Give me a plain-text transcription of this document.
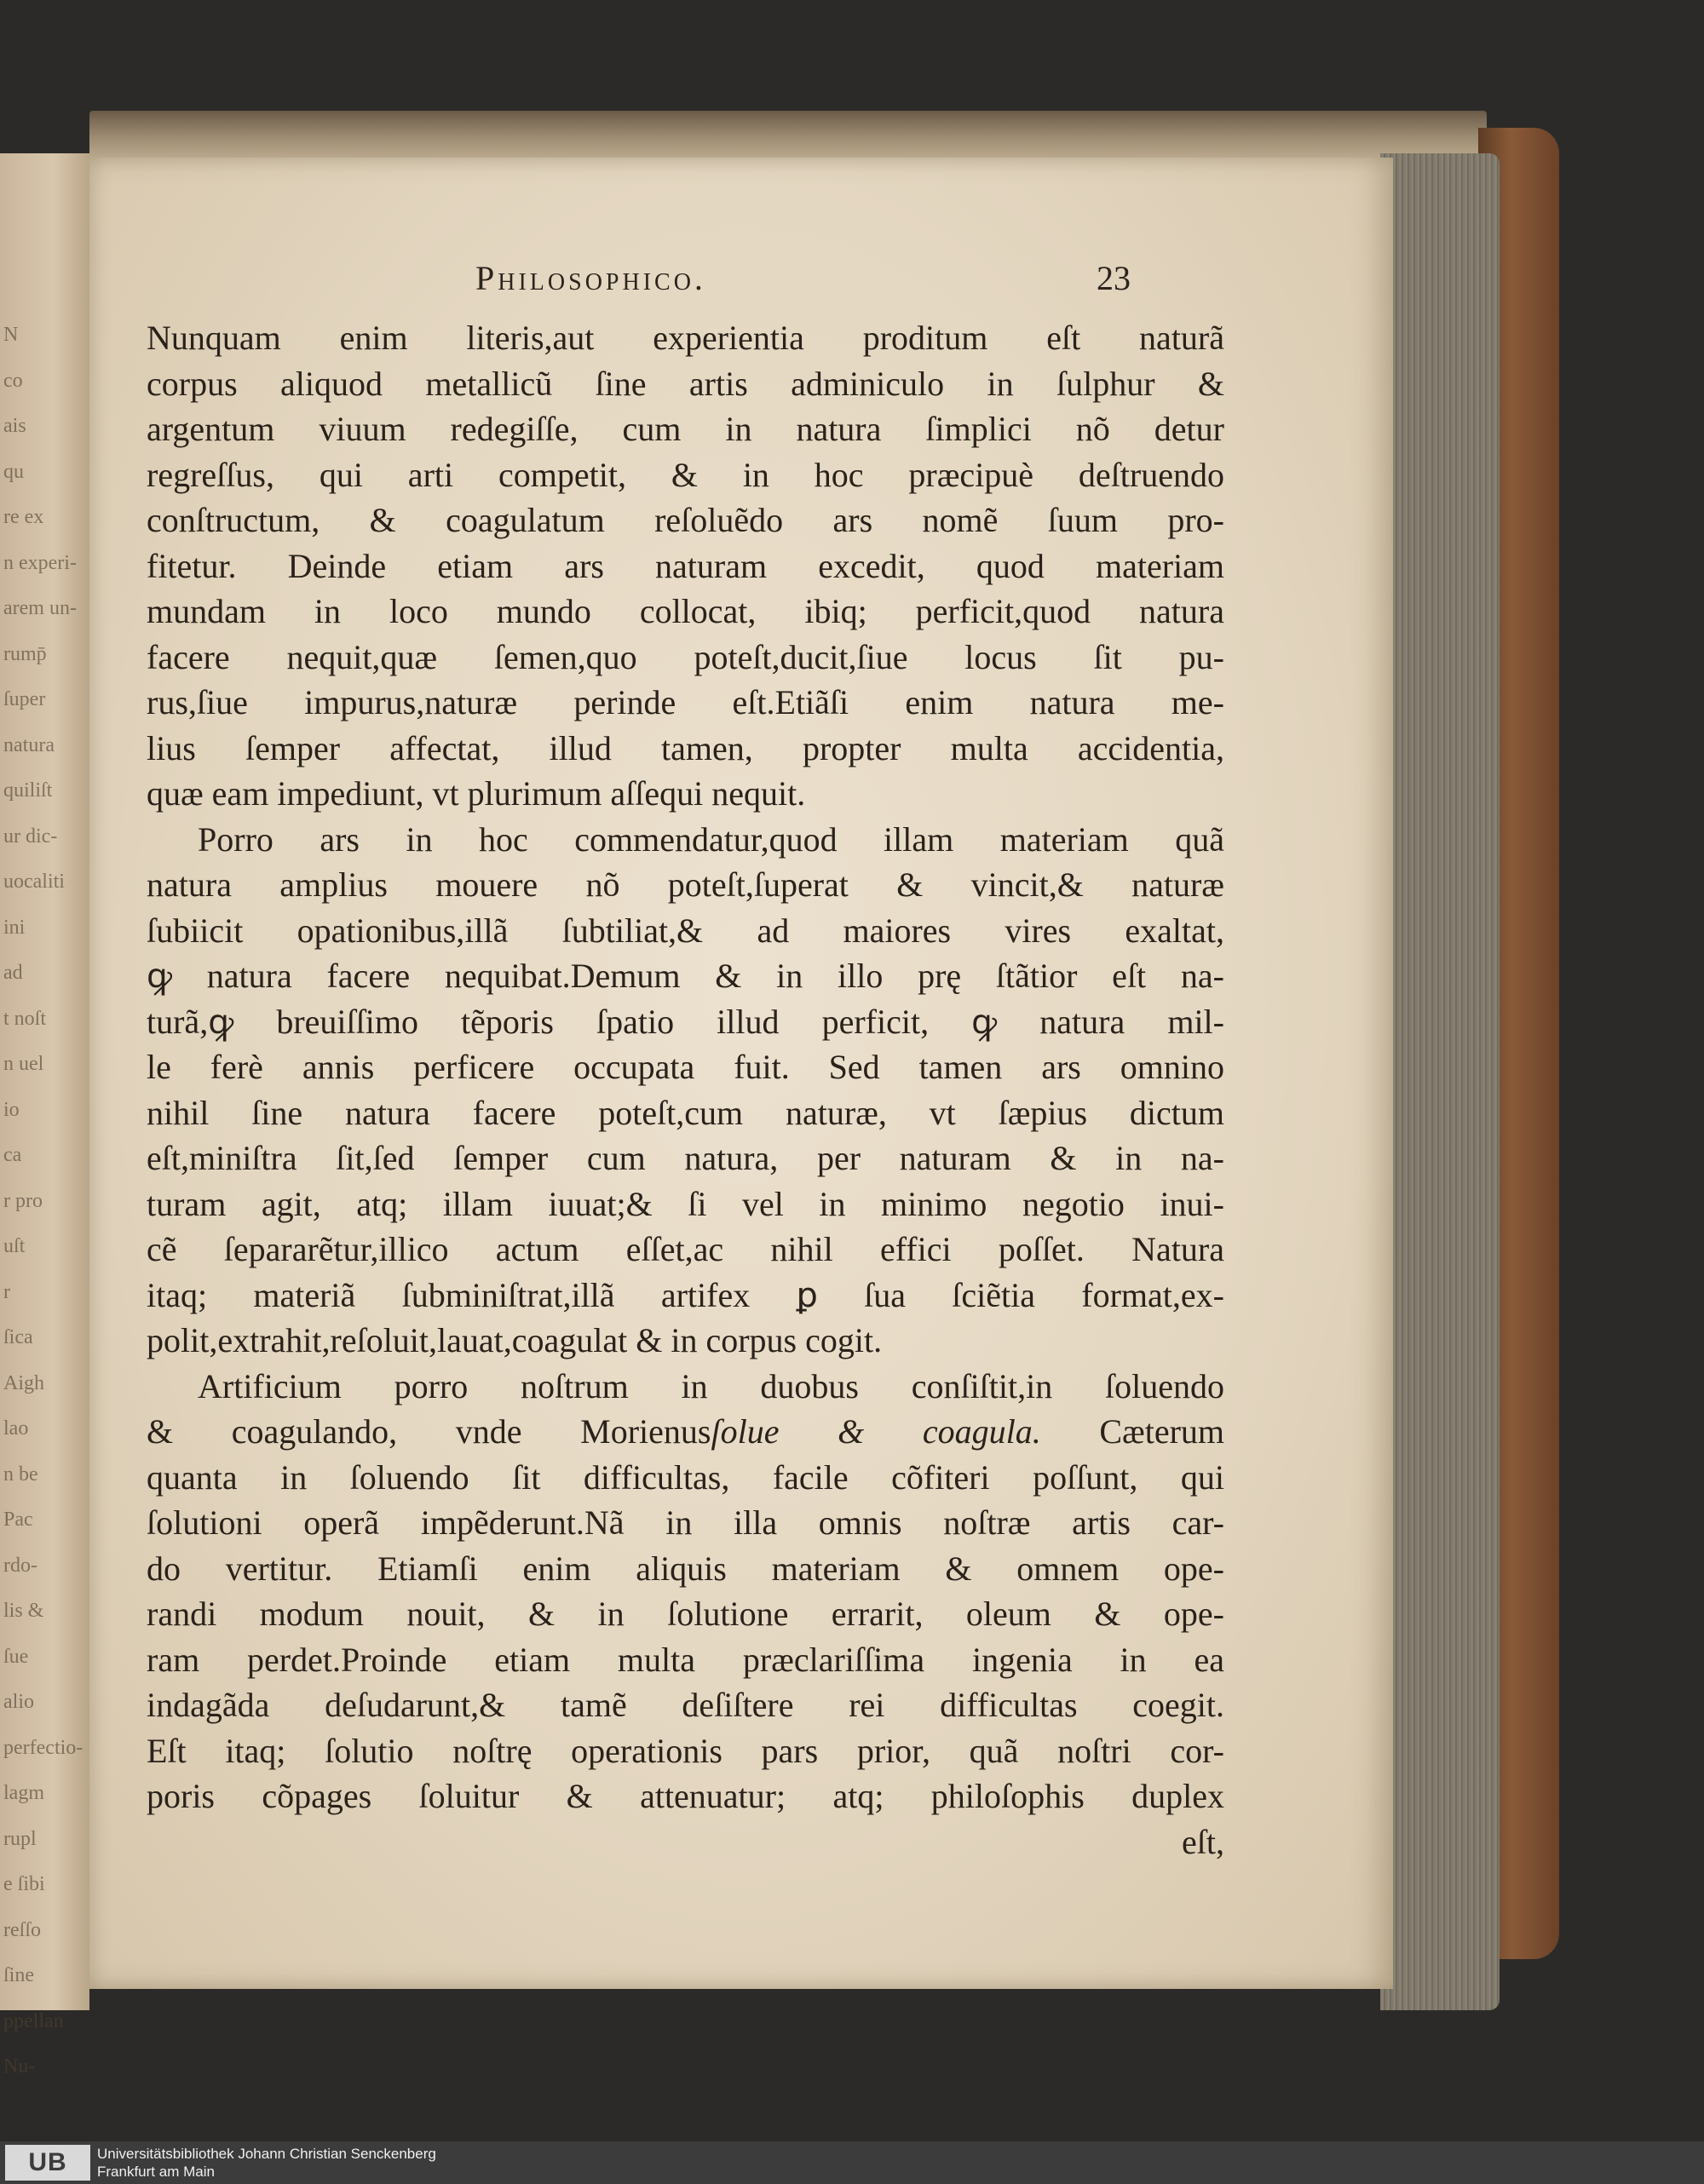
N
co
ais
qu
re ex
n experi-
arem un-
rump̄
ſuper
natura
quiliſt
ur dic-
uocaliti
ini
ad
t noſt
n uel
io
ca
r pro
uſt
r
ſica
Aigh
lao
n be
Pac
rdo-
lis &
ſue
alio
perfectio-
lagm
rupl
e ſibi
reſſo
ſine
ppellan
Nu-
Philosophico.	23
Nunquam enim literis,aut experientia proditum eſt naturã
corpus aliquod metallicũ ſine artis adminiculo in ſulphur &
argentum viuum redegiſſe, cum in natura ſimplici nõ detur
regreſſus, qui arti competit, & in hoc præcipuè deſtruendo
conſtructum, & coagulatum reſoluẽdo ars nomẽ ſuum pro-
fitetur. Deinde etiam ars naturam excedit, quod materiam
mundam in loco mundo collocat, ibiq; perficit,quod natura
facere nequit,quæ ſemen,quo poteſt,ducit,ſiue locus ſit pu-
rus,ſiue impurus,naturæ perinde eſt.Etiãſi enim natura me-
lius ſemper affectat, illud tamen, propter multa accidentia,
quæ eam impediunt, vt plurimum aſſequi nequit.
Porro ars in hoc commendatur,quod illam materiam quã
natura amplius mouere nõ poteſt,ſuperat & vincit,& naturæ
ſubiicit opationibus,illã ſubtiliat,& ad maiores vires exaltat,
ꝙ natura facere nequibat.Demum & in illo prę ſtãtior eſt na-
turã,ꝙ breuiſſimo tẽporis ſpatio illud perficit, ꝙ natura mil-
le ferè annis perficere occupata fuit. Sed tamen ars omnino
nihil ſine natura facere poteſt,cum naturæ, vt ſæpius dictum
eſt,miniſtra ſit,ſed ſemper cum natura, per naturam & in na-
turam agit, atq; illam iuuat;& ſi vel in minimo negotio inui-
cẽ ſepararẽtur,illico actum eſſet,ac nihil effici poſſet. Natura
itaq; materiã ſubminiſtrat,illã artifex ꝑ ſua ſciẽtia format,ex-
polit,extrahit,reſoluit,lauat,coagulat & in corpus cogit.
Artificium porro noſtrum in duobus conſiſtit,in ſoluendo
& coagulando, vnde Morienusſolue & coagula. Cæterum
quanta in ſoluendo ſit difficultas, facile cõfiteri poſſunt, qui
ſolutioni operã impẽderunt.Nã in illa omnis noſtræ artis car-
do vertitur. Etiamſi enim aliquis materiam & omnem ope-
randi modum nouit, & in ſolutione errarit, oleum & ope-
ram perdet.Proinde etiam multa præclariſſima ingenia in ea
indagãda deſudarunt,& tamẽ deſiſtere rei difficultas coegit.
Eſt itaq; ſolutio noſtrę operationis pars prior, quã noſtri cor-
poris cõpages ſoluitur & attenuatur; atq; philoſophis duplex
eſt,
UB	Universitätsbibliothek Johann Christian Senckenberg
Frankfurt am Main
